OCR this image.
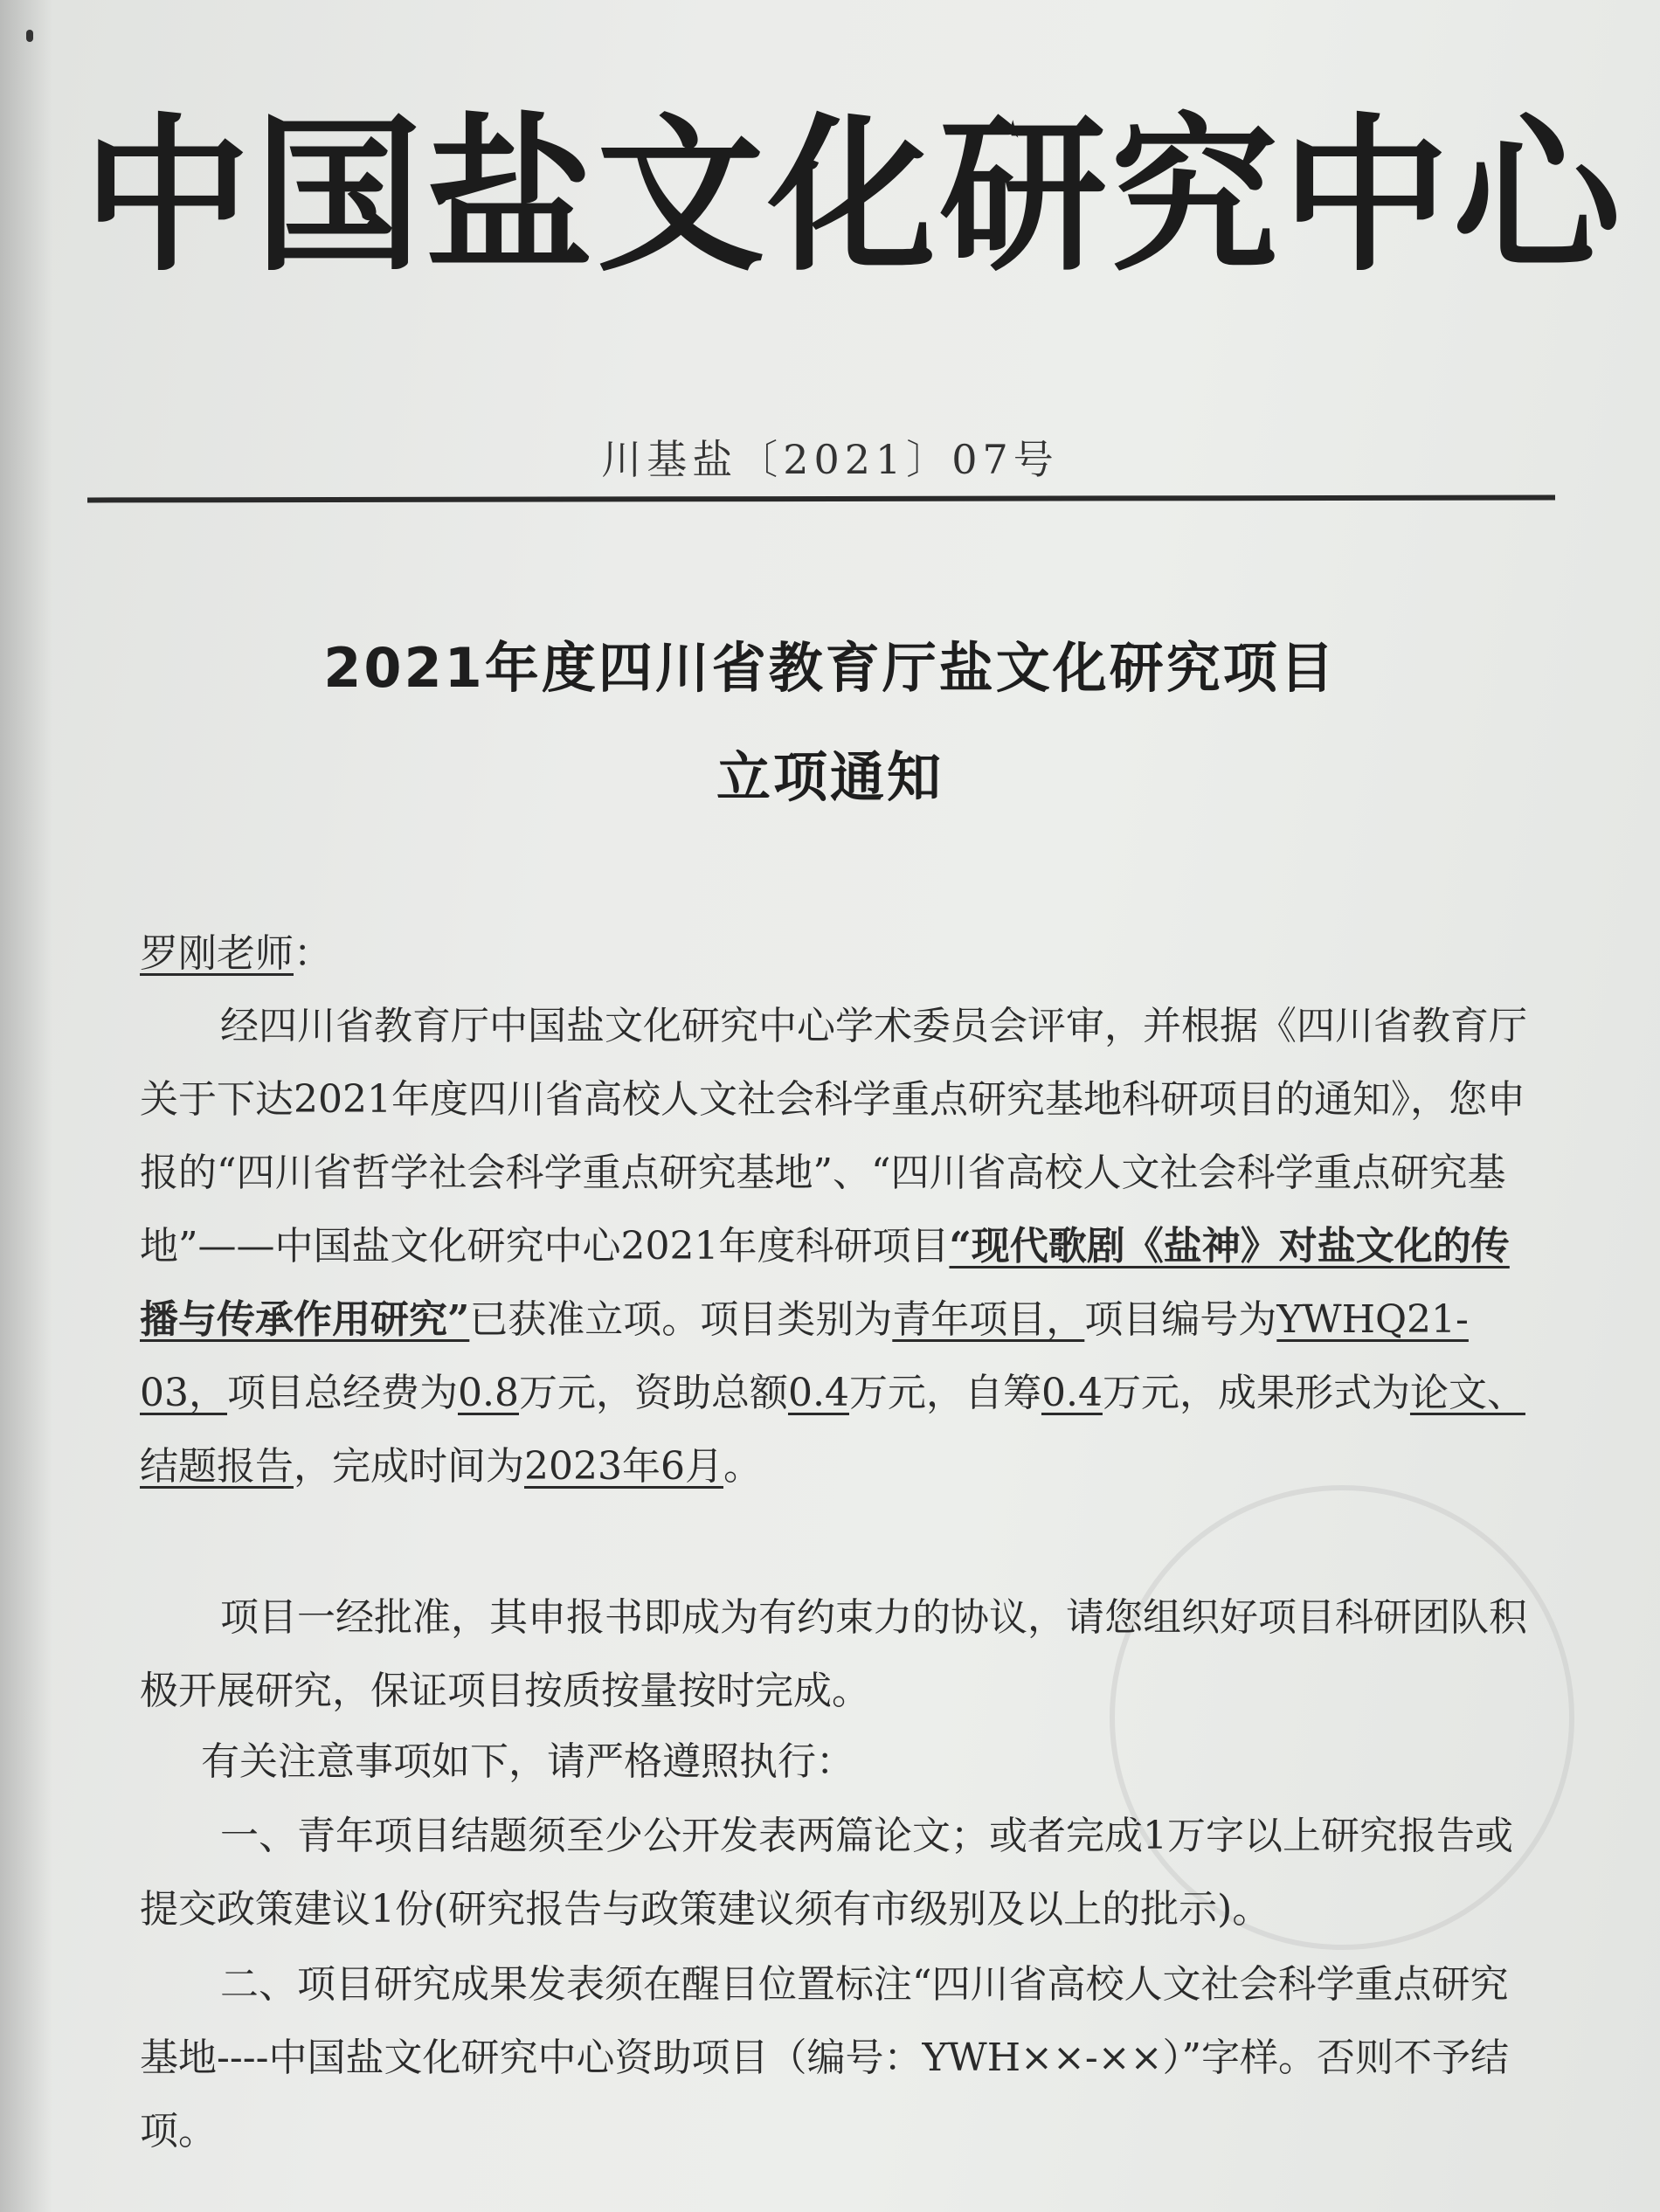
中国盐文化研究中心
川基盐〔2021〕07号
2021年度四川省教育厅盐文化研究项目
立项通知
罗刚老师：
经四川省教育厅中国盐文化研究中心学术委员会评审，并根据《四川省教育厅关于下达2021年度四川省高校人文社会科学重点研究基地科研项目的通知》，您申报的“四川省哲学社会科学重点研究基地”、“四川省高校人文社会科学重点研究基地”——中国盐文化研究中心2021年度科研项目“现代歌剧《盐神》对盐文化的传播与传承作用研究”已获准立项。项目类别为青年项目，项目编号为YWHQ21-03，项目总经费为0.8万元，资助总额0.4万元，自筹0.4万元，成果形式为论文、结题报告，完成时间为2023年6月。
项目一经批准，其申报书即成为有约束力的协议，请您组织好项目科研团队积极开展研究，保证项目按质按量按时完成。
有关注意事项如下，请严格遵照执行：
一、青年项目结题须至少公开发表两篇论文；或者完成1万字以上研究报告或提交政策建议1份(研究报告与政策建议须有市级别及以上的批示)。
二、项目研究成果发表须在醒目位置标注“四川省高校人文社会科学重点研究基地----中国盐文化研究中心资助项目（编号：YWH××-××）”字样。否则不予结项。
